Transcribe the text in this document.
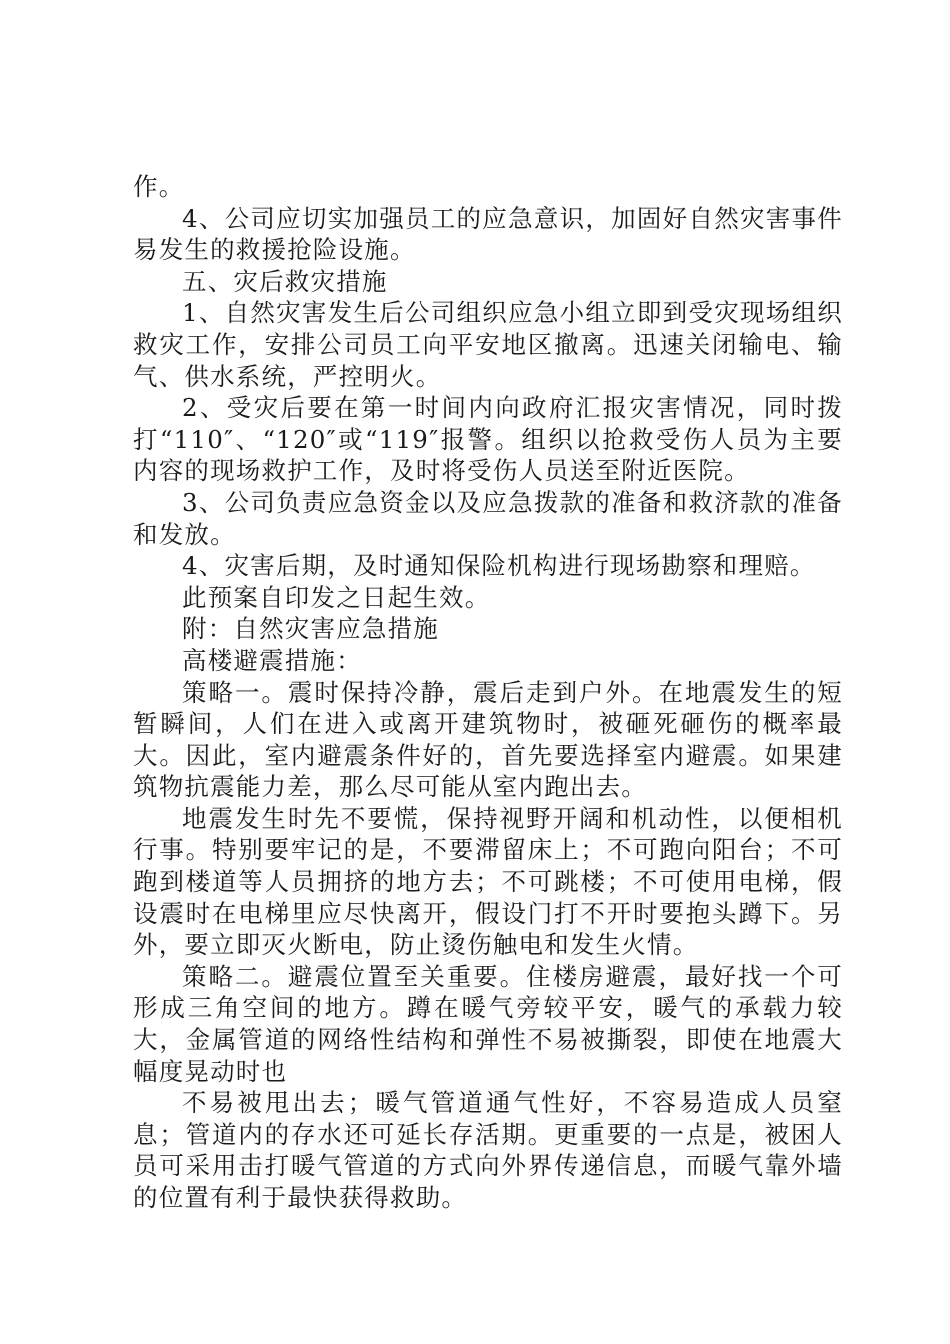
作。

4、公司应切实加强员工的应急意识，加固好自然灾害事件易发生的救援抢险设施。

五、灾后救灾措施

1、自然灾害发生后公司组织应急小组立即到受灾现场组织救灾工作，安排公司员工向平安地区撤离。迅速关闭输电、输气、供水系统，严控明火。

2、受灾后要在第一时间内向政府汇报灾害情况，同时拨打“110″、“120″或“119″报警。组织以抢救受伤人员为主要内容的现场救护工作，及时将受伤人员送至附近医院。

3、公司负责应急资金以及应急拨款的准备和救济款的准备和发放。

4、灾害后期，及时通知保险机构进行现场勘察和理赔。

此预案自印发之日起生效。

附：自然灾害应急措施

高楼避震措施：

策略一。震时保持冷静，震后走到户外。在地震发生的短暂瞬间，人们在进入或离开建筑物时，被砸死砸伤的概率最大。因此，室内避震条件好的，首先要选择室内避震。如果建筑物抗震能力差，那么尽可能从室内跑出去。

地震发生时先不要慌，保持视野开阔和机动性，以便相机行事。特别要牢记的是，不要滞留床上；不可跑向阳台；不可跑到楼道等人员拥挤的地方去；不可跳楼；不可使用电梯，假设震时在电梯里应尽快离开，假设门打不开时要抱头蹲下。另外，要立即灭火断电，防止烫伤触电和发生火情。

策略二。避震位置至关重要。住楼房避震，最好找一个可形成三角空间的地方。蹲在暖气旁较平安，暖气的承载力较大，金属管道的网络性结构和弹性不易被撕裂，即使在地震大幅度晃动时也

不易被甩出去；暖气管道通气性好，不容易造成人员窒息；管道内的存水还可延长存活期。更重要的一点是，被困人员可采用击打暖气管道的方式向外界传递信息，而暖气靠外墙的位置有利于最快获得救助。
